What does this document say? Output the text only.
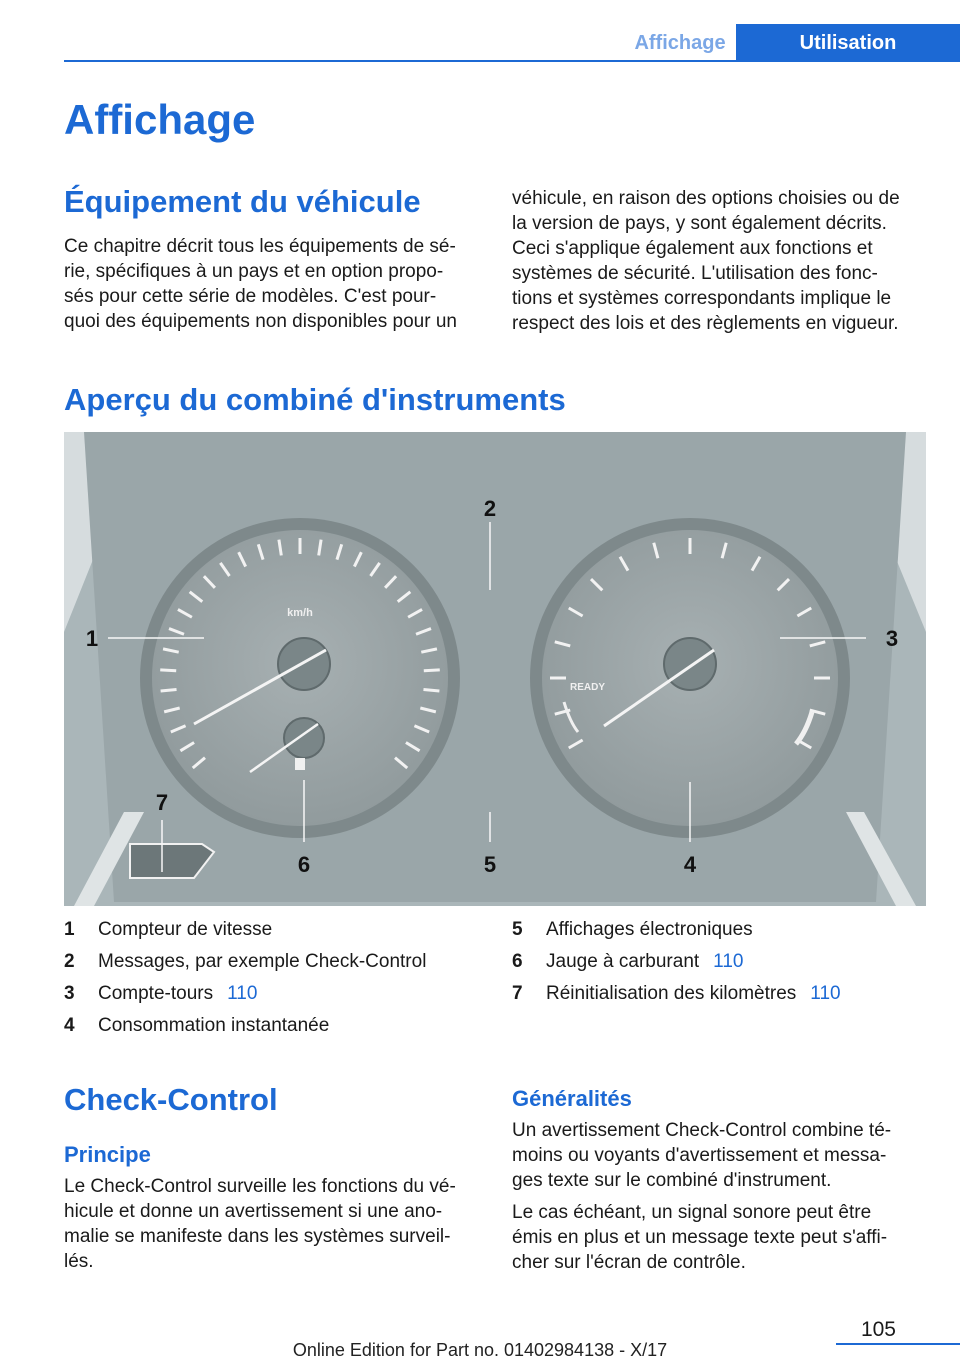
Affichage	Utilisation
Affichage
Équipement du véhicule
Ce chapitre décrit tous les équipements de sé‐
rie, spécifiques à un pays et en option propo‐
sés pour cette série de modèles. C'est pour‐
quoi des équipements non disponibles pour un
véhicule, en raison des options choisies ou de
la version de pays, y sont également décrits.
Ceci s'applique également aux fonctions et
systèmes de sécurité. L'utilisation des fonc‐
tions et systèmes correspondants implique le
respect des lois et des règlements en vigueur.
Aperçu du combiné d'instruments
km/h
READY
1
2
3
4
5
6
7
1	Compteur de vitesse
2	Messages, par exemple Check-Control
3	Compte-tours 110
4	Consommation instantanée
5	Affichages électroniques
6	Jauge à carburant 110
7	Réinitialisation des kilomètres 110
Check-Control
Principe
Le Check-Control surveille les fonctions du vé‐
hicule et donne un avertissement si une ano‐
malie se manifeste dans les systèmes surveil‐
lés.
Généralités

Un avertissement Check-Control combine té‐
moins ou voyants d'avertissement et messa‐
ges texte sur le combiné d'instrument.

Le cas échéant, un signal sonore peut être
émis en plus et un message texte peut s'affi‐
cher sur l'écran de contrôle.

105
Online Edition for Part no. 01402984138 - X/17
